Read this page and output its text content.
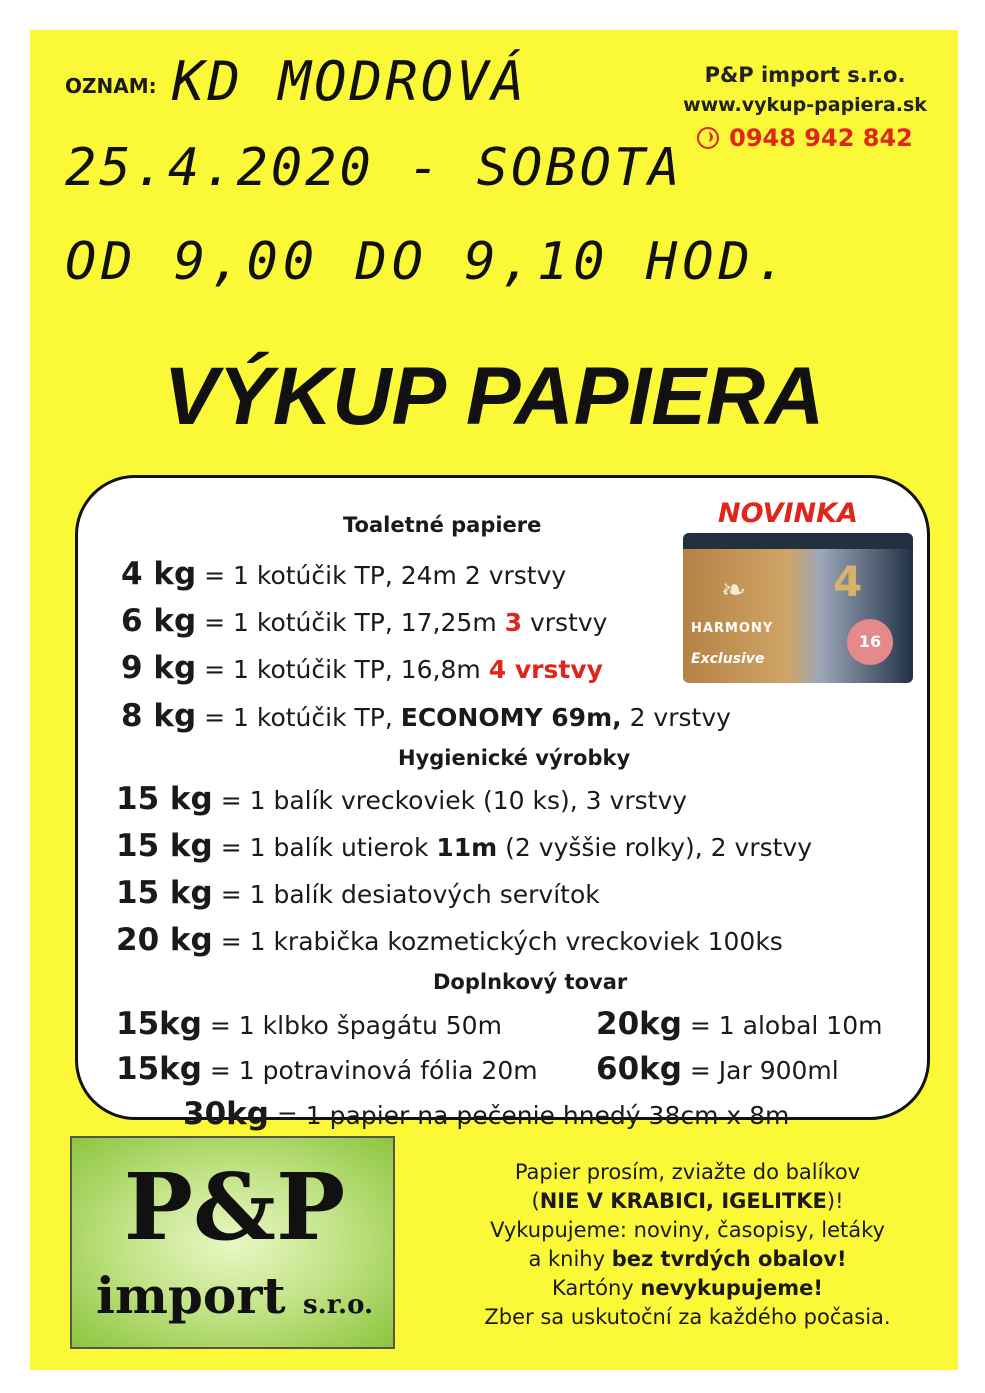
OZNAM: KD MODROVÁ
25.4.2020 - SOBOTA
OD 9,00 DO 9,10 HOD.
P&P import s.r.o.
www.vykup-papiera.sk
0948 942 842
VÝKUP PAPIERA
Toaletné papiere	NOVINKA
4
❧
HARMONY
Exclusive
16
4 kg = 1 kotúčik TP, 24m 2 vrstvy
6 kg = 1 kotúčik TP, 17,25m 3 vrstvy
9 kg = 1 kotúčik TP, 16,8m 4 vrstvy
8 kg = 1 kotúčik TP, ECONOMY 69m, 2 vrstvy
Hygienické výrobky
15 kg = 1 balík vreckoviek (10 ks), 3 vrstvy
15 kg = 1 balík utierok 11m (2 vyššie rolky), 2 vrstvy
15 kg = 1 balík desiatových servítok
20 kg = 1 krabička kozmetických vreckoviek 100ks
Doplnkový tovar
15kg = 1 klbko špagátu 50m	20kg = 1 alobal 10m
15kg = 1 potravinová fólia 20m 60kg = Jar 900ml
30kg = 1 papier na pečenie hnedý 38cm x 8m
P&P
import s.r.o.
Papier prosím, zviažte do balíkov
(NIE V KRABICI, IGELITKE)!
Vykupujeme: noviny, časopisy, letáky
a knihy bez tvrdých obalov!
Kartóny nevykupujeme!
Zber sa uskutoční za každého počasia.
